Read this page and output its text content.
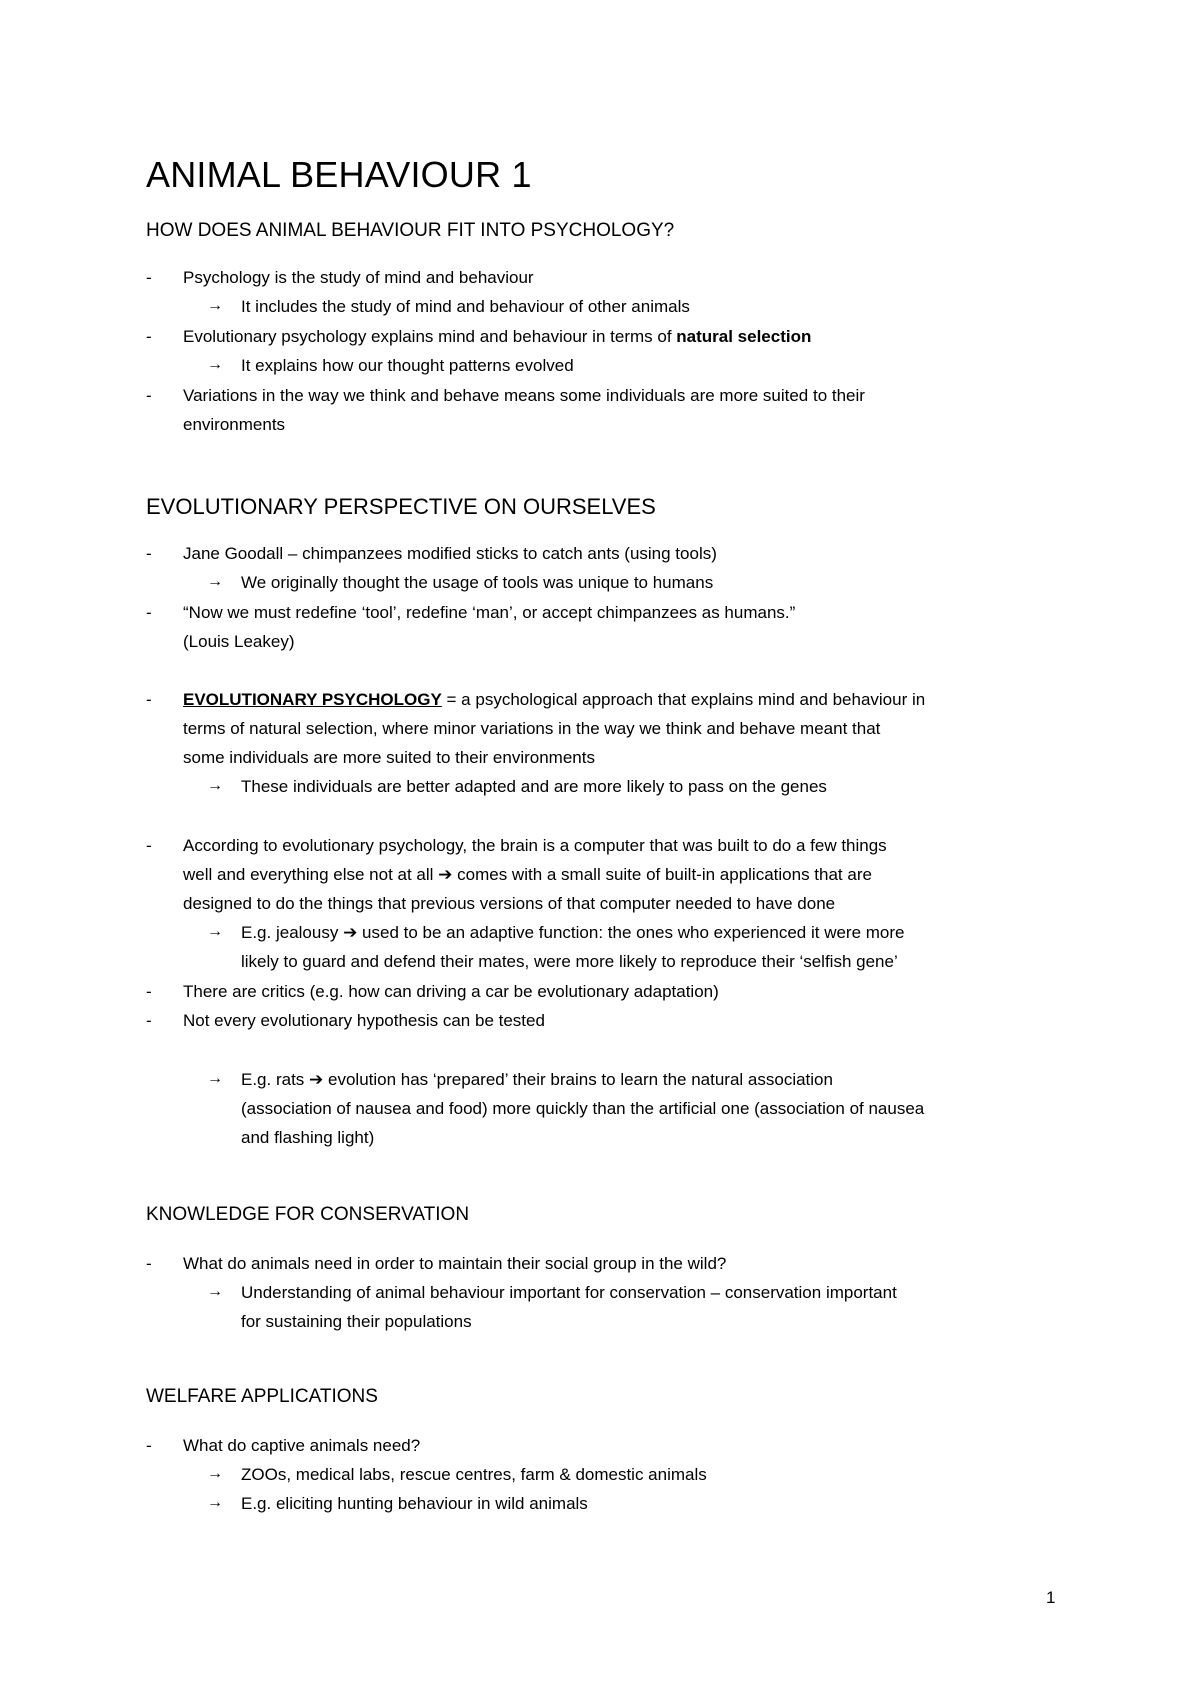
ANIMAL BEHAVIOUR 1
HOW DOES ANIMAL BEHAVIOUR FIT INTO PSYCHOLOGY?
- Psychology is the study of mind and behaviour
→ It includes the study of mind and behaviour of other animals
- Evolutionary psychology explains mind and behaviour in terms of natural selection
→ It explains how our thought patterns evolved
- Variations in the way we think and behave means some individuals are more suited to their
environments
EVOLUTIONARY PERSPECTIVE ON OURSELVES
- Jane Goodall – chimpanzees modified sticks to catch ants (using tools)
→ We originally thought the usage of tools was unique to humans
- “Now we must redefine ‘tool’, redefine ‘man’, or accept chimpanzees as humans.”
(Louis Leakey)
- EVOLUTIONARY PSYCHOLOGY = a psychological approach that explains mind and behaviour in
terms of natural selection, where minor variations in the way we think and behave meant that
some individuals are more suited to their environments
→ These individuals are better adapted and are more likely to pass on the genes
- According to evolutionary psychology, the brain is a computer that was built to do a few things
well and everything else not at all ➔ comes with a small suite of built-in applications that are
designed to do the things that previous versions of that computer needed to have done
→ E.g. jealousy ➔ used to be an adaptive function: the ones who experienced it were more
likely to guard and defend their mates, were more likely to reproduce their ‘selfish gene’
- There are critics (e.g. how can driving a car be evolutionary adaptation)
- Not every evolutionary hypothesis can be tested
→ E.g. rats ➔ evolution has ‘prepared’ their brains to learn the natural association
(association of nausea and food) more quickly than the artificial one (association of nausea
and flashing light)
KNOWLEDGE FOR CONSERVATION
- What do animals need in order to maintain their social group in the wild?
→ Understanding of animal behaviour important for conservation – conservation important
for sustaining their populations
WELFARE APPLICATIONS
- What do captive animals need?
→ ZOOs, medical labs, rescue centres, farm & domestic animals
→ E.g. eliciting hunting behaviour in wild animals
1
